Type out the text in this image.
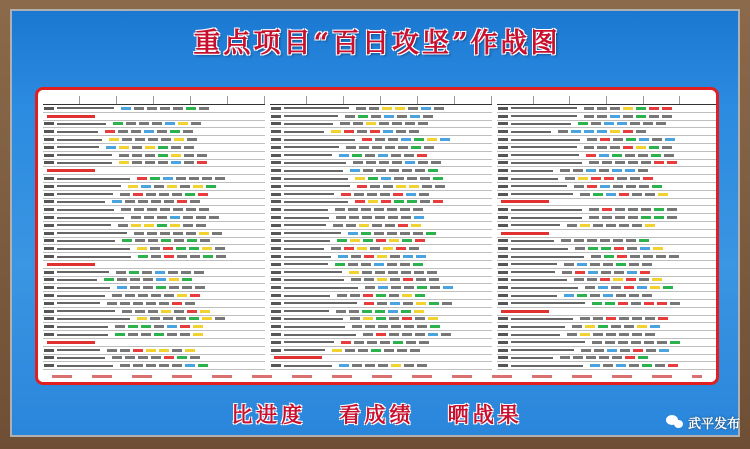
重点项目“百日攻坚”作战图
比进度 看成绩 晒战果	武平发布
